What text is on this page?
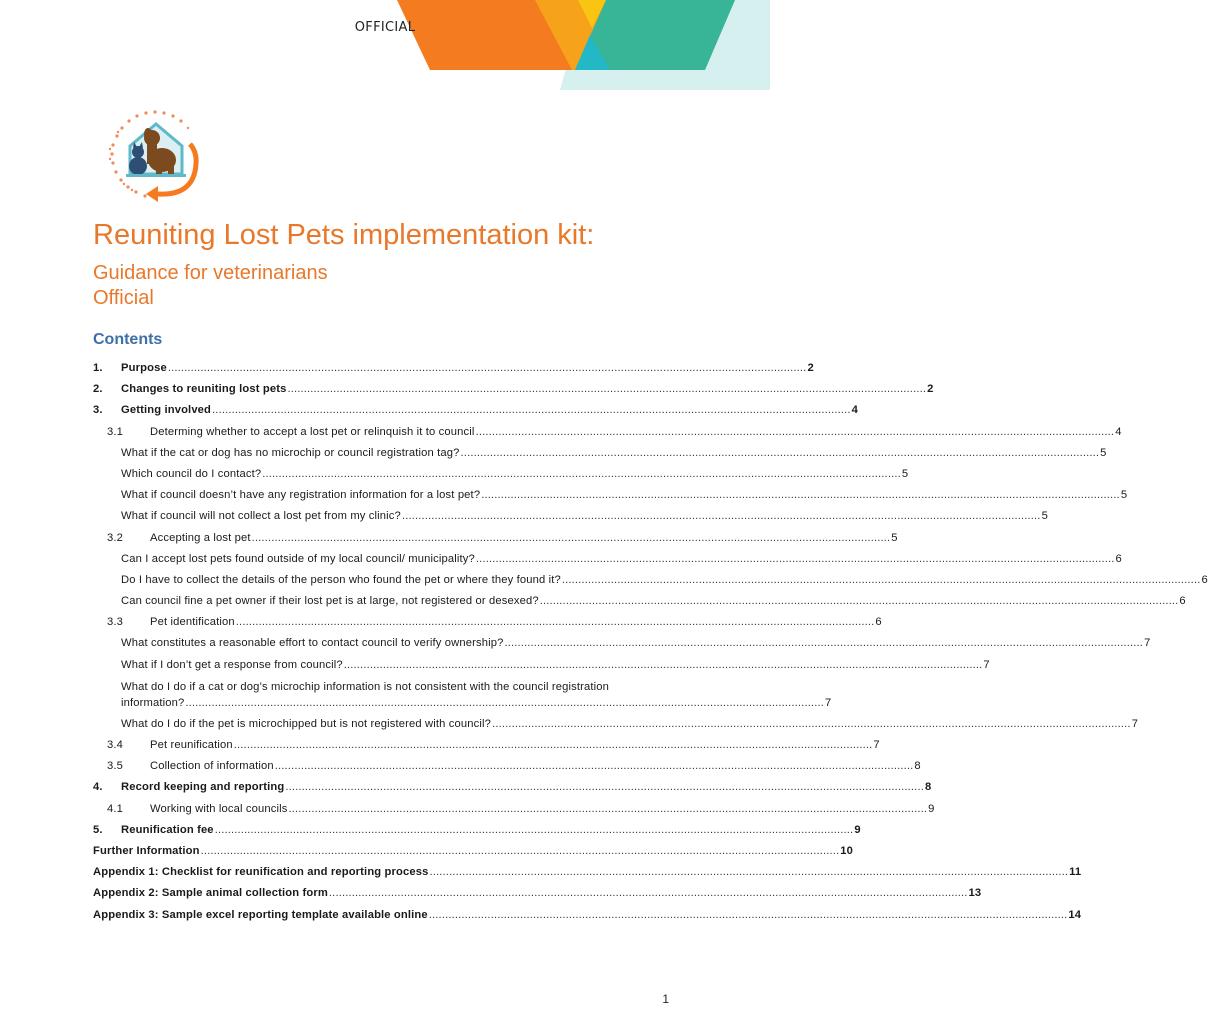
OFFICIAL
Reuniting Lost Pets implementation kit:
Guidance for veterinarians
Official
Contents
1.	Purpose .....	2
2.	Changes to reuniting lost pets .....	2
3.	Getting involved .....	4
3.1	Determing whether to accept a lost pet or relinquish it to council .....	4
What if the cat or dog has no microchip or council registration tag? .....	5
Which council do I contact? .....	5
What if council doesn’t have any registration information for a lost pet? .....	5
What if council will not collect a lost pet from my clinic? .....	5
3.2	Accepting a lost pet .....	5
Can I accept lost pets found outside of my local council/ municipality? .....	6
Do I have to collect the details of the person who found the pet or where they found it? .....	6
Can council fine a pet owner if their lost pet is at large, not registered or desexed? .....	6
3.3	Pet identification .....	6
What constitutes a reasonable effort to contact council to verify ownership? .....	7
What if I don’t get a response from council? .....	7
What do I do if a cat or dog’s microchip information is not consistent with the council registration
information? .....	7
What do I do if the pet is microchipped but is not registered with council? .....	7
3.4	Pet reunification .....	7
3.5	Collection of information .....	8
4.	Record keeping and reporting .....	8
4.1	Working with local councils .....	9
5.	Reunification fee .....	9
Further Information .....	10
Appendix 1: Checklist for reunification and reporting process .....	11
Appendix 2: Sample animal collection form .....	13
Appendix 3: Sample excel reporting template available online .....	14
1
